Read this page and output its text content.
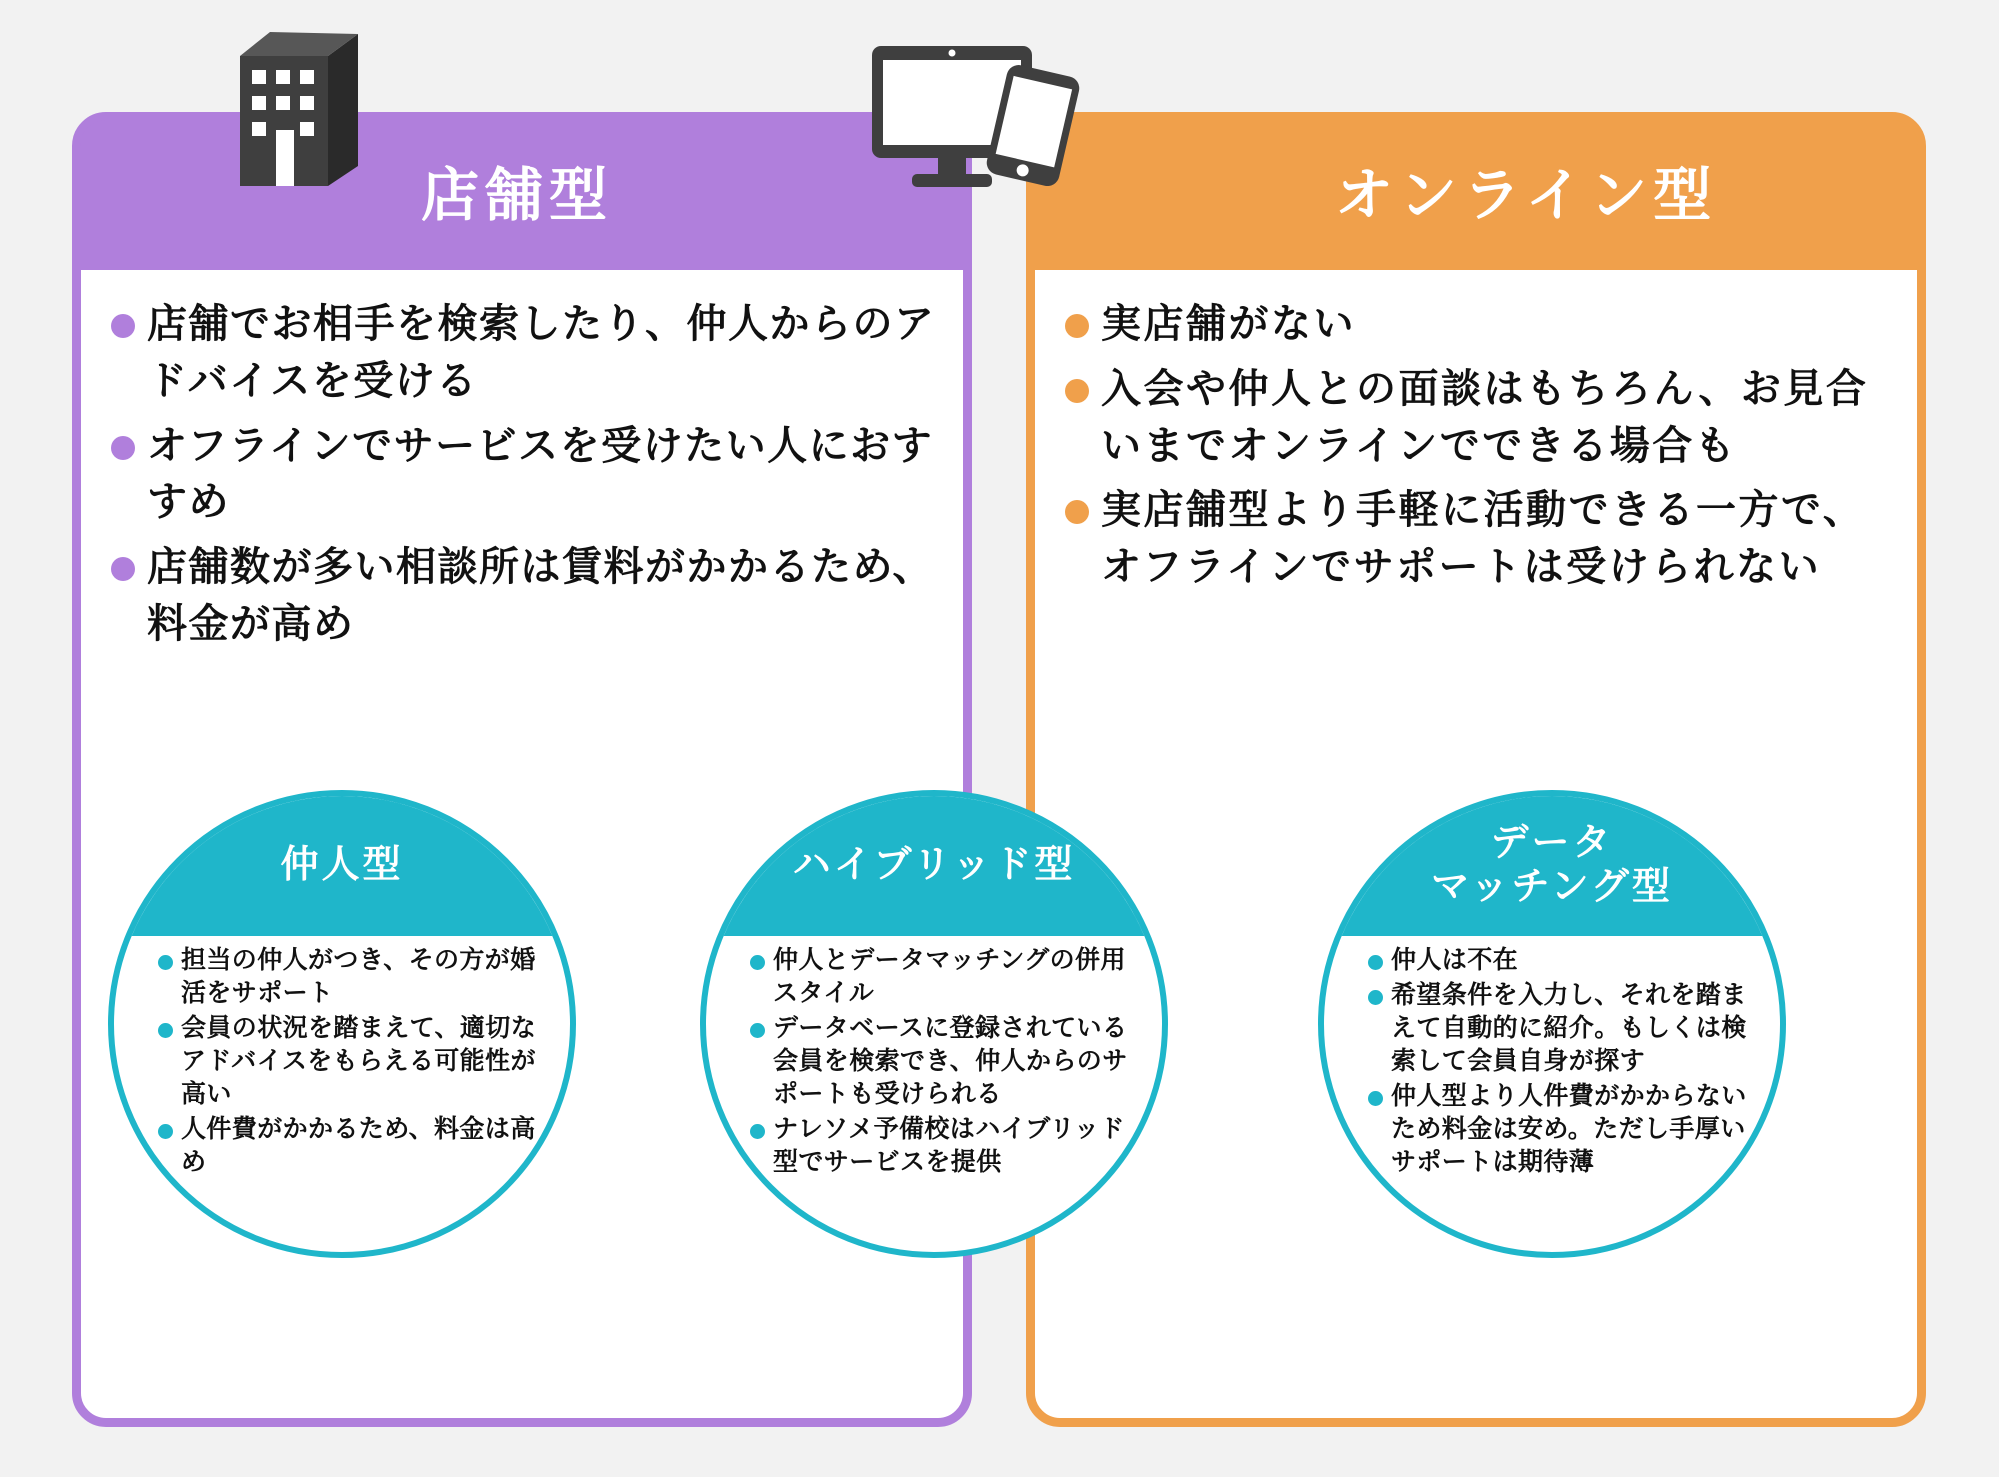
店舗型
店舗でお相手を検索したり、仲人からのアドバイスを受ける
オフラインでサービスを受けたい人におすすめ
店舗数が多い相談所は賃料がかかるため、料金が高め
オンライン型
実店舗がない
入会や仲人との面談はもちろん、お見合いまでオンラインでできる場合も
実店舗型より手軽に活動できる一方で、オフラインでサポートは受けられない
仲人型
担当の仲人がつき、その方が婚活をサポート
会員の状況を踏まえて、適切なアドバイスをもらえる可能性が高い
人件費がかかるため、料金は高め
ハイブリッド型
仲人とデータマッチングの併用スタイル
データベースに登録されている会員を検索でき、仲人からのサポートも受けられる
ナレソメ予備校はハイブリッド型でサービスを提供
データ
マッチング型
仲人は不在
希望条件を入力し、それを踏まえて自動的に紹介。もしくは検索して会員自身が探す
仲人型より人件費がかからないため料金は安め。ただし手厚いサポートは期待薄
